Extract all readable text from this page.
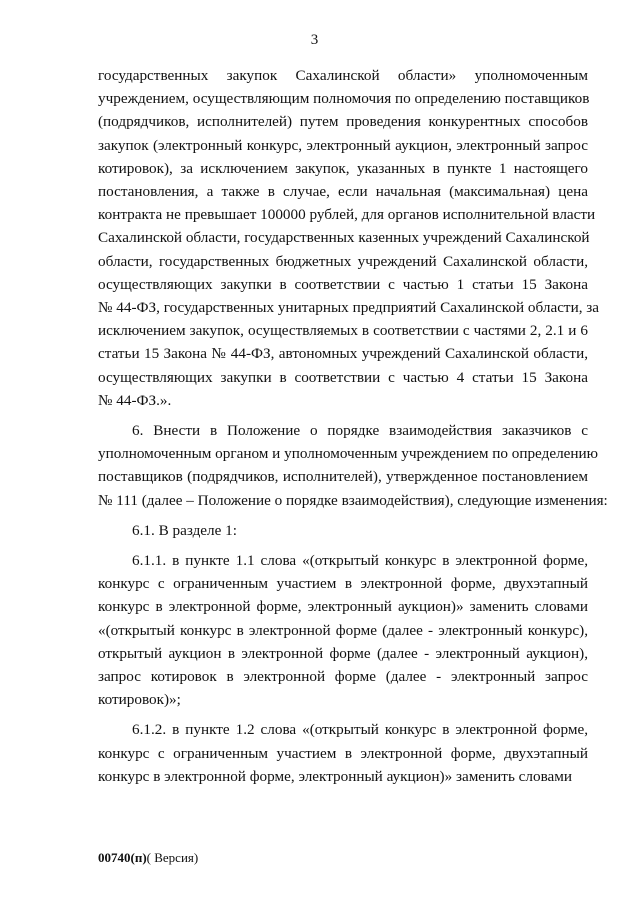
3
государственных закупок Сахалинской области» уполномоченным
учреждением, осуществляющим полномочия по определению поставщиков
(подрядчиков, исполнителей) путем проведения конкурентных способов
закупок (электронный конкурс, электронный аукцион, электронный запрос
котировок), за исключением закупок, указанных в пункте 1 настоящего
постановления, а также в случае, если начальная (максимальная) цена
контракта не превышает 100000 рублей, для органов исполнительной власти
Сахалинской области, государственных казенных учреждений Сахалинской
области, государственных бюджетных учреждений Сахалинской области,
осуществляющих закупки в соответствии с частью 1 статьи 15 Закона
№ 44-ФЗ, государственных унитарных предприятий Сахалинской области, за
исключением закупок, осуществляемых в соответствии с частями 2, 2.1 и 6
статьи 15 Закона № 44-ФЗ, автономных учреждений Сахалинской области,
осуществляющих закупки в соответствии с частью 4 статьи 15 Закона
№ 44-ФЗ.».
6. Внести в Положение о порядке взаимодействия заказчиков с
уполномоченным органом и уполномоченным учреждением по определению
поставщиков (подрядчиков, исполнителей), утвержденное постановлением
№ 111 (далее – Положение о порядке взаимодействия), следующие изменения:
6.1. В разделе 1:
6.1.1. в пункте 1.1 слова «(открытый конкурс в электронной форме,
конкурс с ограниченным участием в электронной форме, двухэтапный
конкурс в электронной форме, электронный аукцион)» заменить словами
«(открытый конкурс в электронной форме (далее - электронный конкурс),
открытый аукцион в электронной форме (далее - электронный аукцион),
запрос котировок в электронной форме (далее - электронный запрос
котировок)»;
6.1.2. в пункте 1.2 слова «(открытый конкурс в электронной форме,
конкурс с ограниченным участием в электронной форме, двухэтапный
конкурс в электронной форме, электронный аукцион)» заменить словами
00740(п)( Версия)
